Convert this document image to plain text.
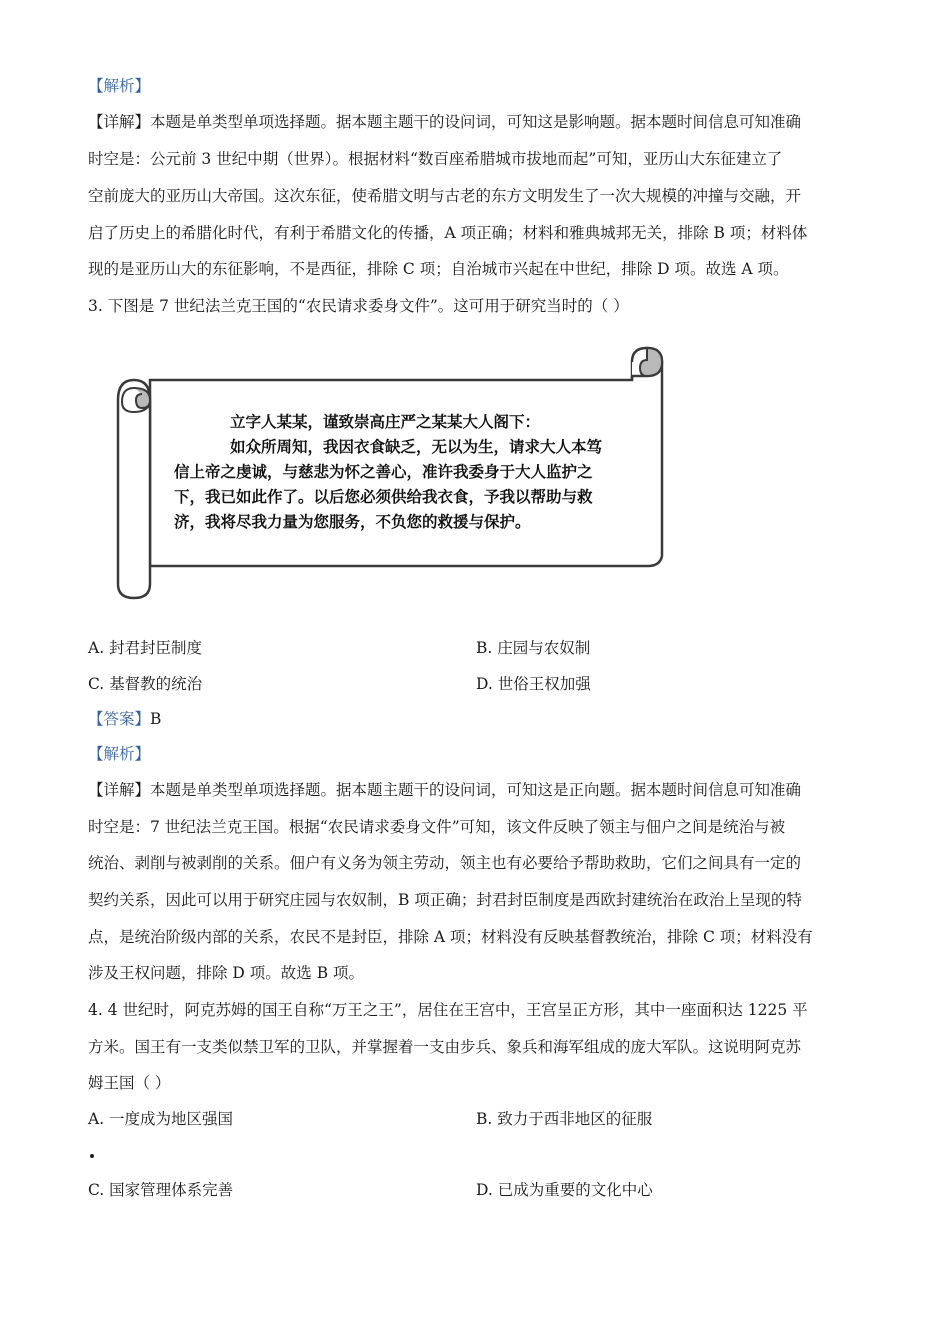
【解析】
【详解】本题是单类型单项选择题。据本题主题干的设问词，可知这是影响题。据本题时间信息可知准确
时空是：公元前 3 世纪中期（世界）。根据材料“数百座希腊城市拔地而起”可知，亚历山大东征建立了
空前庞大的亚历山大帝国。这次东征，使希腊文明与古老的东方文明发生了一次大规模的冲撞与交融，开
启了历史上的希腊化时代，有利于希腊文化的传播，A 项正确；材料和雅典城邦无关，排除 B 项；材料体
现的是亚历山大的东征影响，不是西征，排除 C 项；自治城市兴起在中世纪，排除 D 项。故选 A 项。
3. 下图是 7 世纪法兰克王国的“农民请求委身文件”。这可用于研究当时的（ ）
立字人某某，谨致崇高庄严之某某大人阁下：
如众所周知，我因衣食缺乏，无以为生，请求大人本笃
信上帝之虔诚，与慈悲为怀之善心，准许我委身于大人监护之
下，我已如此作了。以后您必须供给我衣食，予我以帮助与救
济，我将尽我力量为您服务，不负您的救援与保护。
A. 封君封臣制度	B. 庄园与农奴制
C. 基督教的统治	D. 世俗王权加强
【答案】B
【解析】
【详解】本题是单类型单项选择题。据本题主题干的设问词，可知这是正向题。据本题时间信息可知准确
时空是：7 世纪法兰克王国。根据“农民请求委身文件”可知，该文件反映了领主与佃户之间是统治与被
统治、剥削与被剥削的关系。佃户有义务为领主劳动，领主也有必要给予帮助救助，它们之间具有一定的
契约关系，因此可以用于研究庄园与农奴制，B 项正确；封君封臣制度是西欧封建统治在政治上呈现的特
点，是统治阶级内部的关系，农民不是封臣，排除 A 项；材料没有反映基督教统治，排除 C 项；材料没有
涉及王权问题，排除 D 项。故选 B 项。
4. 4 世纪时，阿克苏姆的国王自称“万王之王”，居住在王宫中，王宫呈正方形，其中一座面积达 1225 平
方米。国王有一支类似禁卫军的卫队，并掌握着一支由步兵、象兵和海军组成的庞大军队。这说明阿克苏
姆王国（ ）
A. 一度成为地区强国	B. 致力于西非地区的征服
C. 国家管理体系完善	D. 已成为重要的文化中心
